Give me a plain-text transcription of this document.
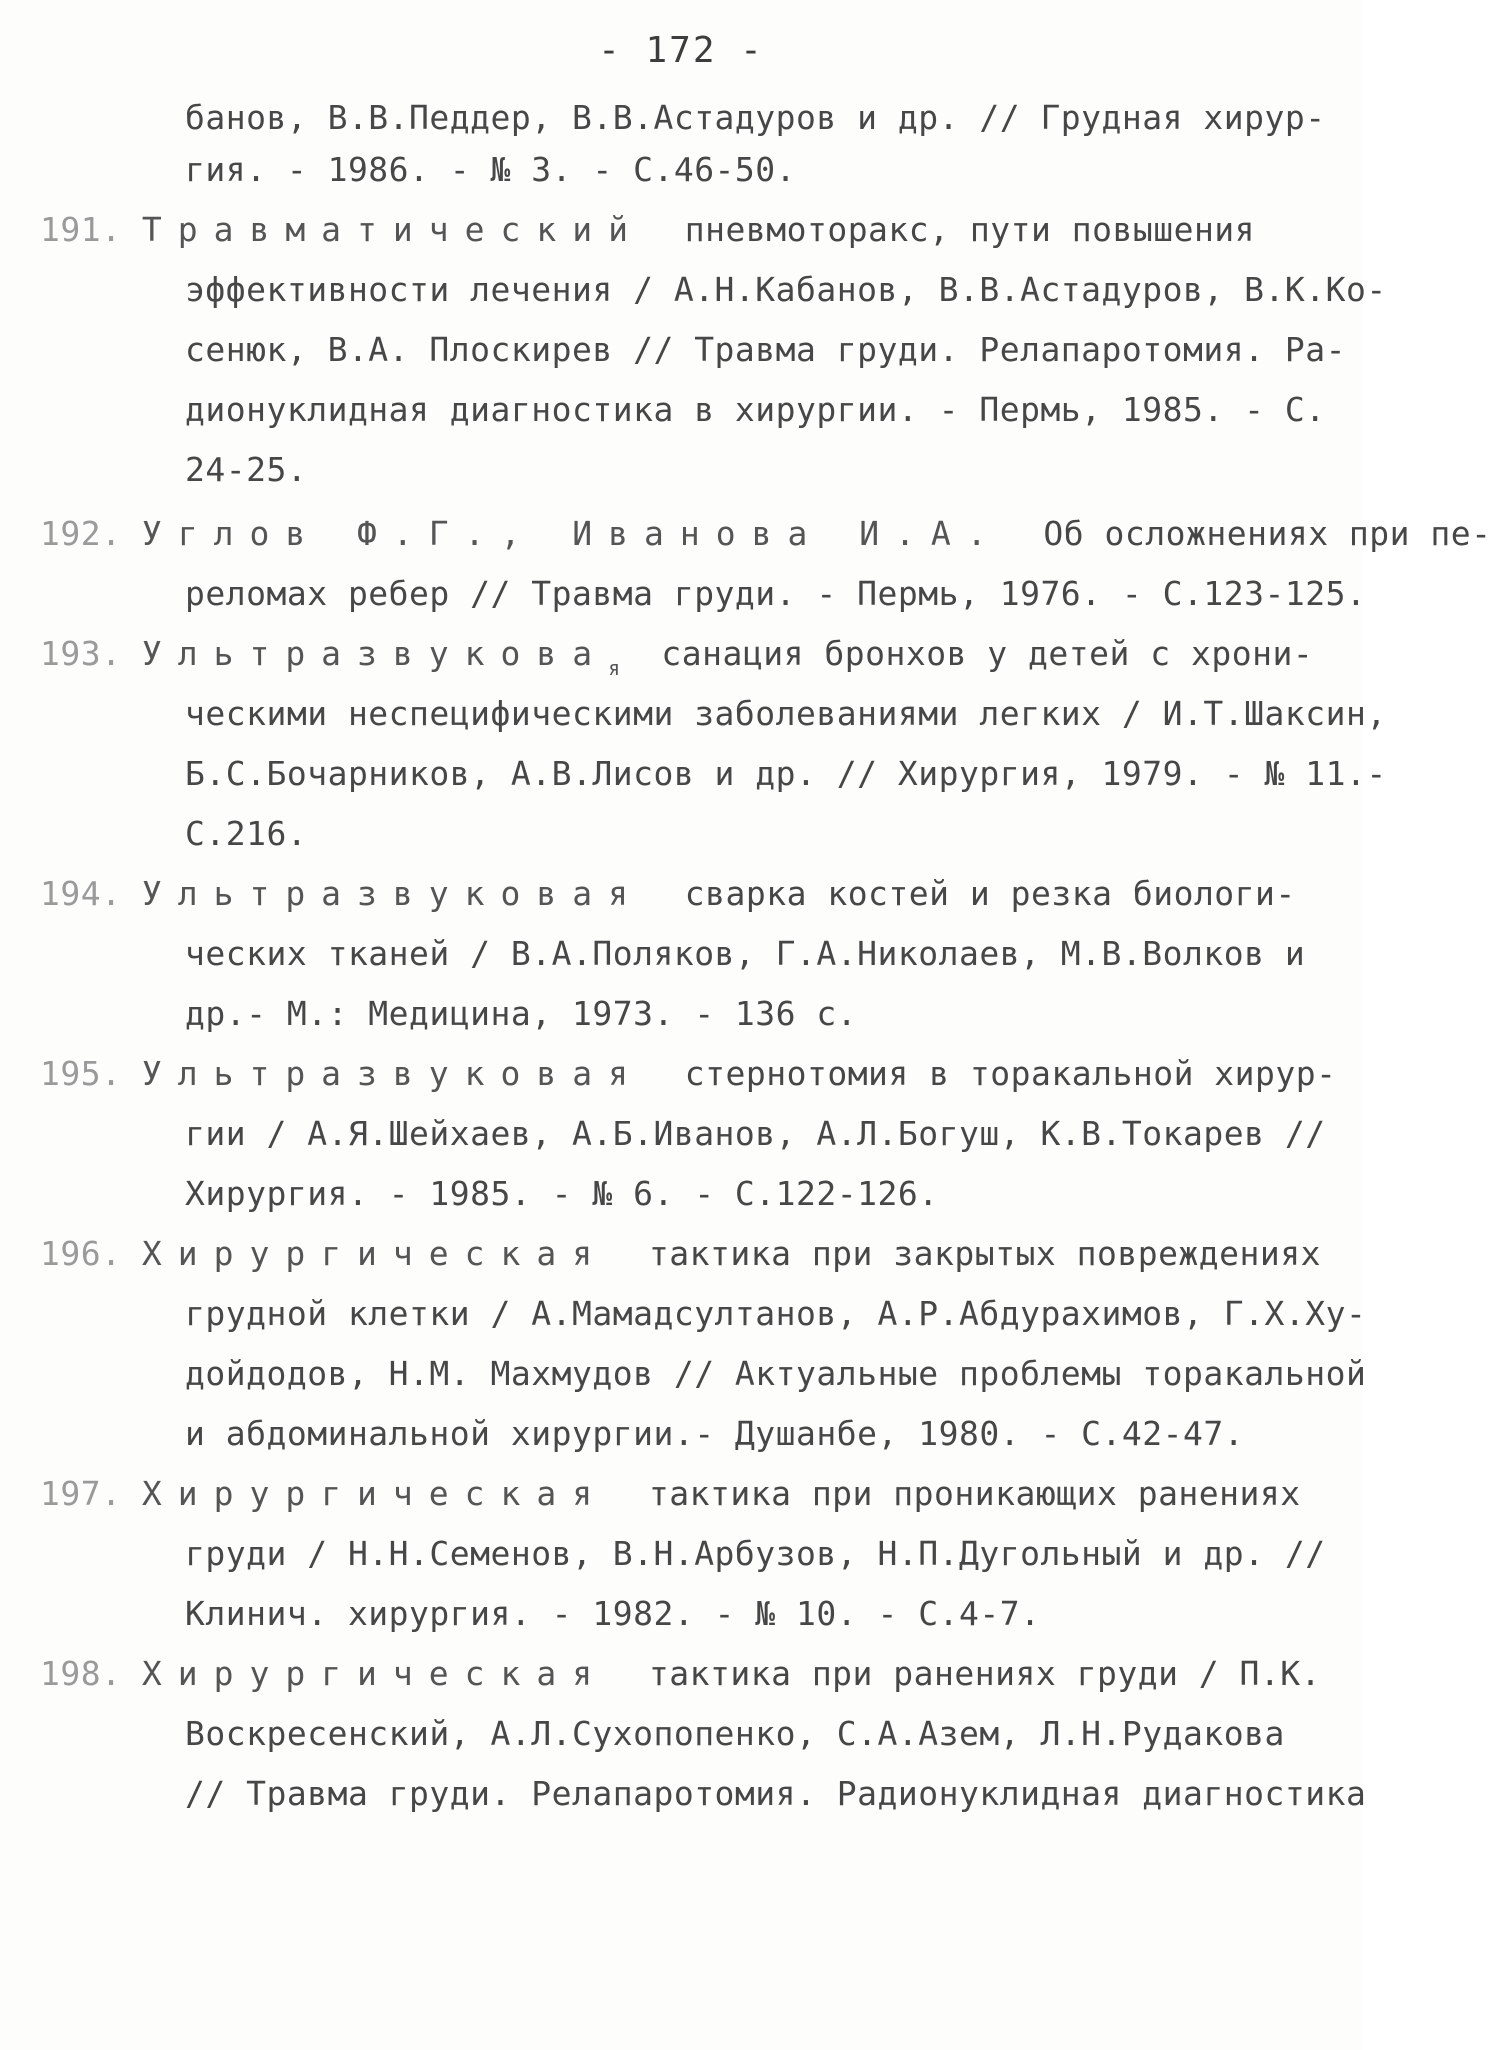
- 172 -
банов, В.В.Педдер, В.В.Астадуров и др. // Грудная хирур-
гия. - 1986. - № 3. - С.46-50.
191. Травматический пневмоторакс, пути повышения
эффективности лечения / А.Н.Кабанов, В.В.Астадуров, В.К.Ко-
сенюк, В.А. Плоскирев // Травма груди. Релапаротомия. Ра-
дионуклидная диагностика в хирургии. - Пермь, 1985. - С.
24-25.
192. Углов Ф.Г., Иванова И.А. Об осложнениях при пе-
реломах ребер // Травма груди. - Пермь, 1976. - С.123-125.
193. Ультразвукова$_я$ санация бронхов у детей с хрони-
ческими неспецифическими заболеваниями легких / И.Т.Шаксин,
Б.С.Бочарников, А.В.Лисов и др. // Хирургия, 1979. - № 11.-
С.216.
194. Ультразвуковая сварка костей и резка биологи-
ческих тканей / В.А.Поляков, Г.А.Николаев, М.В.Волков и
др.- М.: Медицина, 1973. - 136 с.
195. Ультразвуковая стернотомия в торакальной хирур-
гии / А.Я.Шейхаев, А.Б.Иванов, А.Л.Богуш, К.В.Токарев //
Хирургия. - 1985. - № 6. - С.122-126.
196. Хирургическая тактика при закрытых повреждениях
грудной клетки / А.Мамадсултанов, А.Р.Абдурахимов, Г.Х.Ху-
дойдодов, Н.М. Махмудов // Актуальные проблемы торакальной
и абдоминальной хирургии.- Душанбе, 1980. - С.42-47.
197. Хирургическая тактика при проникающих ранениях
груди / Н.Н.Семенов, В.Н.Арбузов, Н.П.Дугольный и др. //
Клинич. хирургия. - 1982. - № 10. - С.4-7.
198. Хирургическая тактика при ранениях груди / П.К.
Воскресенский, А.Л.Сухопопенко, С.А.Азем, Л.Н.Рудакова
// Травма груди. Релапаротомия. Радионуклидная диагностика
